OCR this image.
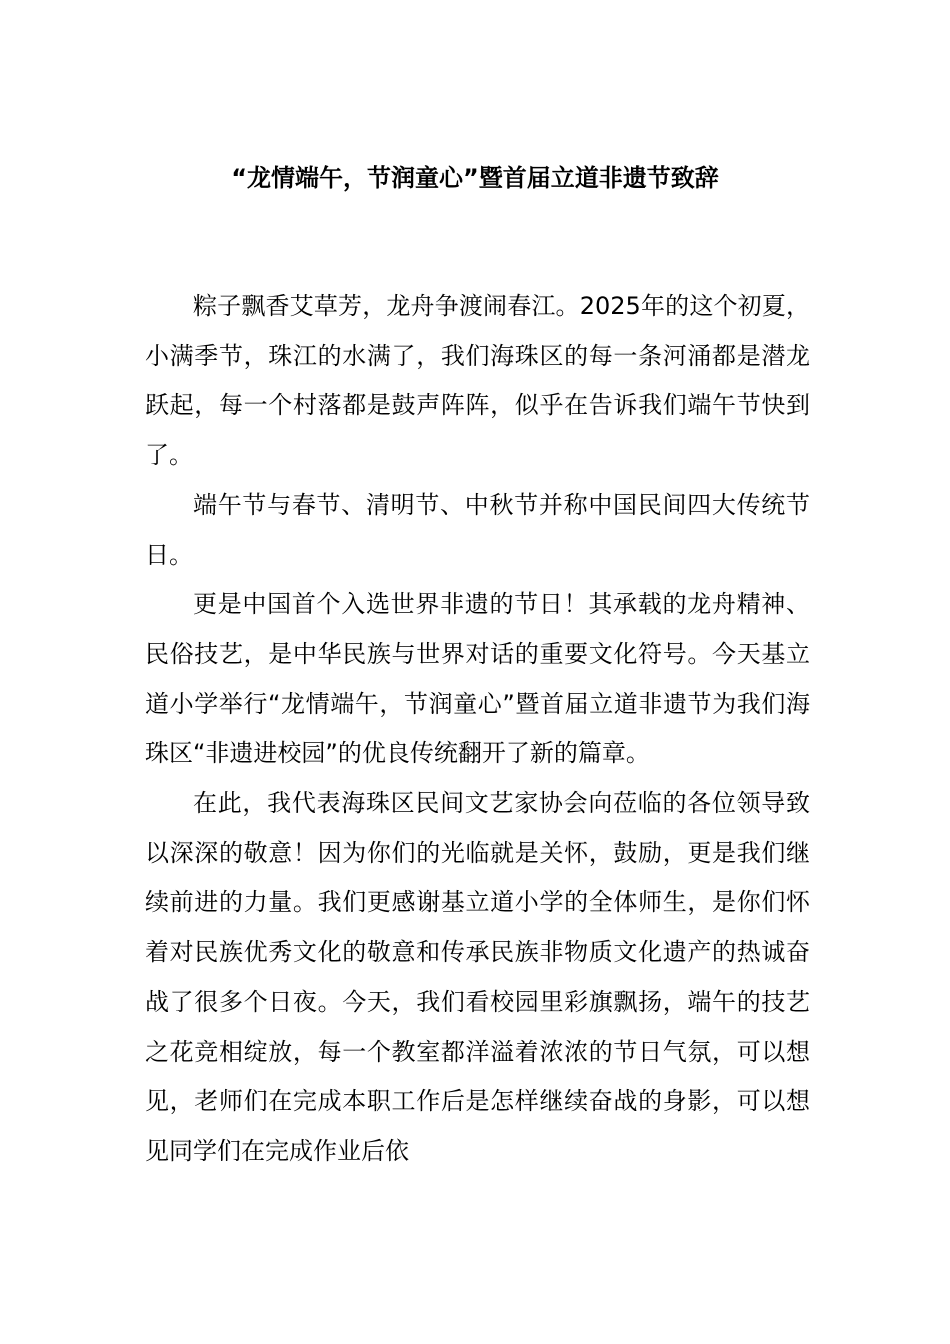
“龙情端午，节润童心”暨首届立道非遗节致辞

粽子飘香艾草芳，龙舟争渡闹春江。2025年的这个初夏，小满季节，珠江的水满了，我们海珠区的每一条河涌都是潜龙跃起，每一个村落都是鼓声阵阵，似乎在告诉我们端午节快到了。

端午节与春节、清明节、中秋节并称中国民间四大传统节日。

更是中国首个入选世界非遗的节日！其承载的龙舟精神、民俗技艺，是中华民族与世界对话的重要文化符号。今天基立道小学举行“龙情端午，节润童心”暨首届立道非遗节为我们海珠区“非遗进校园”的优良传统翻开了新的篇章。

在此，我代表海珠区民间文艺家协会向莅临的各位领导致以深深的敬意！因为你们的光临就是关怀，鼓励，更是我们继续前进的力量。我们更感谢基立道小学的全体师生，是你们怀着对民族优秀文化的敬意和传承民族非物质文化遗产的热诚奋战了很多个日夜。今天，我们看校园里彩旗飘扬，端午的技艺之花竞相绽放，每一个教室都洋溢着浓浓的节日气氛，可以想见，老师们在完成本职工作后是怎样继续奋战的身影，可以想见同学们在完成作业后依
